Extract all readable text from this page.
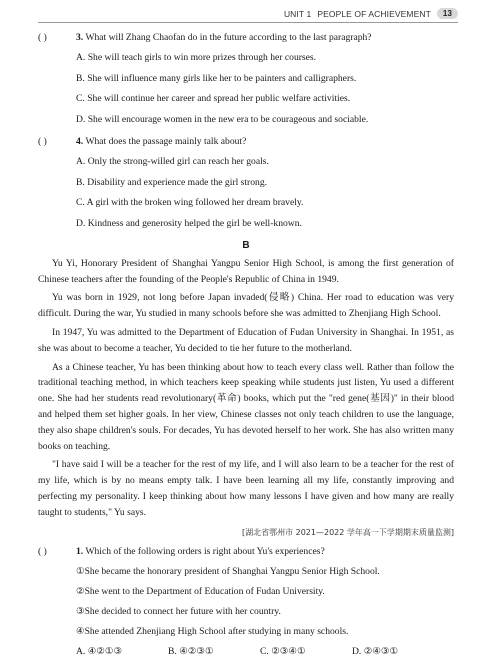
UNIT 1 PEOPLE OF ACHIEVEMENT	13
( )	3. What will Zhang Chaofan do in the future according to the last paragraph?
A. She will teach girls to win more prizes through her courses.
B. She will influence many girls like her to be painters and calligraphers.
C. She will continue her career and spread her public welfare activities.
D. She will encourage women in the new era to be courageous and sociable.
( )	4. What does the passage mainly talk about?
A. Only the strong-willed girl can reach her goals.
B. Disability and experience made the girl strong.
C. A girl with the broken wing followed her dream bravely.
D. Kindness and generosity helped the girl be well-known.
B
Yu Yi, Honorary President of Shanghai Yangpu Senior High School, is among the first generation of Chinese teachers after the founding of the People's Republic of China in 1949.
Yu was born in 1929, not long before Japan invaded(侵略) China. Her road to education was very difficult. During the war, Yu studied in many schools before she was admitted to Zhenjiang High School.
In 1947, Yu was admitted to the Department of Education of Fudan University in Shanghai. In 1951, as she was about to become a teacher, Yu decided to tie her future to the motherland.
As a Chinese teacher, Yu has been thinking about how to teach every class well. Rather than follow the traditional teaching method, in which teachers keep speaking while students just listen, Yu used a different one. She had her students read revolutionary(革命) books, which put the "red gene(基因)" in their blood and helped them set higher goals. In her view, Chinese classes not only teach children to use the language, they also shape children's souls. For decades, Yu has devoted herself to her work. She has also written many books on teaching.
"I have said I will be a teacher for the rest of my life, and I will also learn to be a teacher for the rest of my life, which is by no means empty talk. I have been learning all my life, constantly improving and perfecting my personality. I keep thinking about how many lessons I have given and how many are really taught to students," Yu says.
[湖北省鄂州市 2021—2022 学年高一下学期期末质量监测]
( )	1. Which of the following orders is right about Yu's experiences?
①She became the honorary president of Shanghai Yangpu Senior High School.
②She went to the Department of Education of Fudan University.
③She decided to connect her future with her country.
④She attended Zhenjiang High School after studying in many schools.
A. ④②①③	B. ④②③①	C. ②③④①	D. ②④③①
